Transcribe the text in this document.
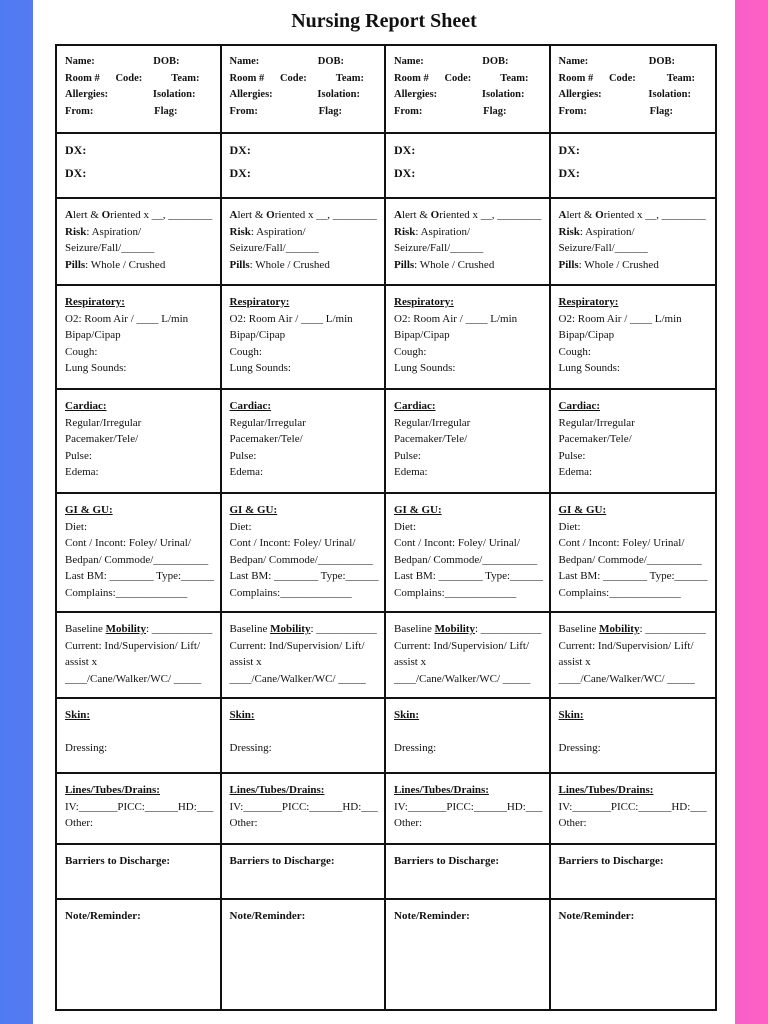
Nursing Report Sheet
Name:	DOB:
Room # Code:	Team:
Allergies:	Isolation:
From:	Flag:
Name:	DOB:
Room # Code:	Team:
Allergies:	Isolation:
From:	Flag:
Name:	DOB:
Room # Code:	Team:
Allergies:	Isolation:
From:	Flag:
Name:	DOB:
Room # Code:	Team:
Allergies:	Isolation:
From:	Flag:
DX:
DX:
DX:
DX:
DX:
DX:
DX:
DX:
Alert & Oriented x __, ________
Risk: Aspiration/
Seizure/Fall/______
Pills: Whole / Crushed
Alert & Oriented x __, ________
Risk: Aspiration/
Seizure/Fall/______
Pills: Whole / Crushed
Alert & Oriented x __, ________
Risk: Aspiration/
Seizure/Fall/______
Pills: Whole / Crushed
Alert & Oriented x __, ________
Risk: Aspiration/
Seizure/Fall/______
Pills: Whole / Crushed
Respiratory:
O2: Room Air / ____ L/min
Bipap/Cipap
Cough:
Lung Sounds:
Respiratory:
O2: Room Air / ____ L/min
Bipap/Cipap
Cough:
Lung Sounds:
Respiratory:
O2: Room Air / ____ L/min
Bipap/Cipap
Cough:
Lung Sounds:
Respiratory:
O2: Room Air / ____ L/min
Bipap/Cipap
Cough:
Lung Sounds:
Cardiac:
Regular/Irregular
Pacemaker/Tele/
Pulse:
Edema:
Cardiac:
Regular/Irregular
Pacemaker/Tele/
Pulse:
Edema:
Cardiac:
Regular/Irregular
Pacemaker/Tele/
Pulse:
Edema:
Cardiac:
Regular/Irregular
Pacemaker/Tele/
Pulse:
Edema:
GI & GU:
Diet:
Cont / Incont: Foley/ Urinal/
Bedpan/ Commode/__________
Last BM: ________ Type:______
Complains:_____________
GI & GU:
Diet:
Cont / Incont: Foley/ Urinal/
Bedpan/ Commode/__________
Last BM: ________ Type:______
Complains:_____________
GI & GU:
Diet:
Cont / Incont: Foley/ Urinal/
Bedpan/ Commode/__________
Last BM: ________ Type:______
Complains:_____________
GI & GU:
Diet:
Cont / Incont: Foley/ Urinal/
Bedpan/ Commode/__________
Last BM: ________ Type:______
Complains:_____________
Baseline Mobility: ___________
Current: Ind/Supervision/ Lift/ assist x
____/Cane/Walker/WC/ _____
Baseline Mobility: ___________
Current: Ind/Supervision/ Lift/ assist x
____/Cane/Walker/WC/ _____
Baseline Mobility: ___________
Current: Ind/Supervision/ Lift/ assist x
____/Cane/Walker/WC/ _____
Baseline Mobility: ___________
Current: Ind/Supervision/ Lift/ assist x
____/Cane/Walker/WC/ _____
Skin:
Dressing:
Skin:
Dressing:
Skin:
Dressing:
Skin:
Dressing:
Lines/Tubes/Drains:
IV:_______PICC:______HD:___
Other:
Lines/Tubes/Drains:
IV:_______PICC:______HD:___
Other:
Lines/Tubes/Drains:
IV:_______PICC:______HD:___
Other:
Lines/Tubes/Drains:
IV:_______PICC:______HD:___
Other:
Barriers to Discharge:	Barriers to Discharge:	Barriers to Discharge:	Barriers to Discharge:
Note/Reminder:	Note/Reminder:	Note/Reminder:	Note/Reminder:
